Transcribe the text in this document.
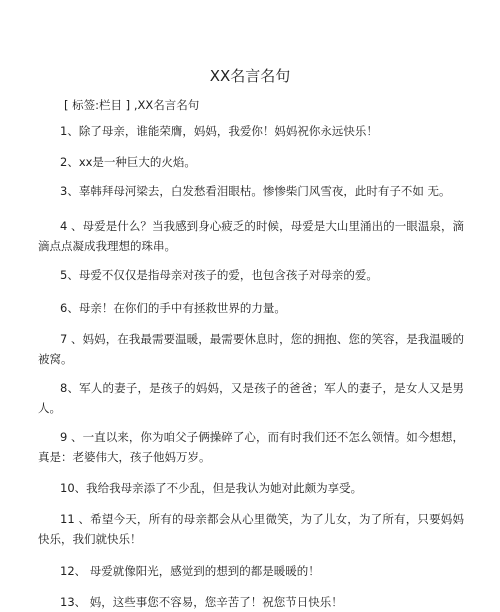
XX名言名句
[ 标签:栏目 ] ,XX名言名句

1、除了母亲，谁能荣膺，妈妈，我爱你！妈妈祝你永远快乐！

2、xx是一种巨大的火焰。

3、辜韩拜母河梁去，白发愁看泪眼枯。惨惨柴门风雪夜，此时有子不如 无。

4 、母爱是什么？当我感到身心疲乏的时候，母爱是大山里涌出的一眼温泉，滴滴点点凝成我理想的珠串。

5、母爱不仅仅是指母亲对孩子的爱，也包含孩子对母亲的爱。

6、母亲！在你们的手中有拯救世界的力量。

7 、妈妈，在我最需要温暖，最需要休息时，您的拥抱、您的笑容，是我温暖的被窝。

8、军人的妻子，是孩子的妈妈，又是孩子的爸爸；军人的妻子，是女人又是男人。

9 、一直以来，你为咱父子俩操碎了心，而有时我们还不怎么领情。如今想想，真是：老婆伟大，孩子他妈万岁。

10、我给我母亲添了不少乱，但是我认为她对此颇为享受。

11 、希望今天，所有的母亲都会从心里微笑，为了儿女，为了所有，只要妈妈快乐，我们就快乐！

12、 母爱就像阳光，感觉到的想到的都是暖暖的！

13、 妈，这些事您不容易，您辛苦了！祝您节日快乐！
